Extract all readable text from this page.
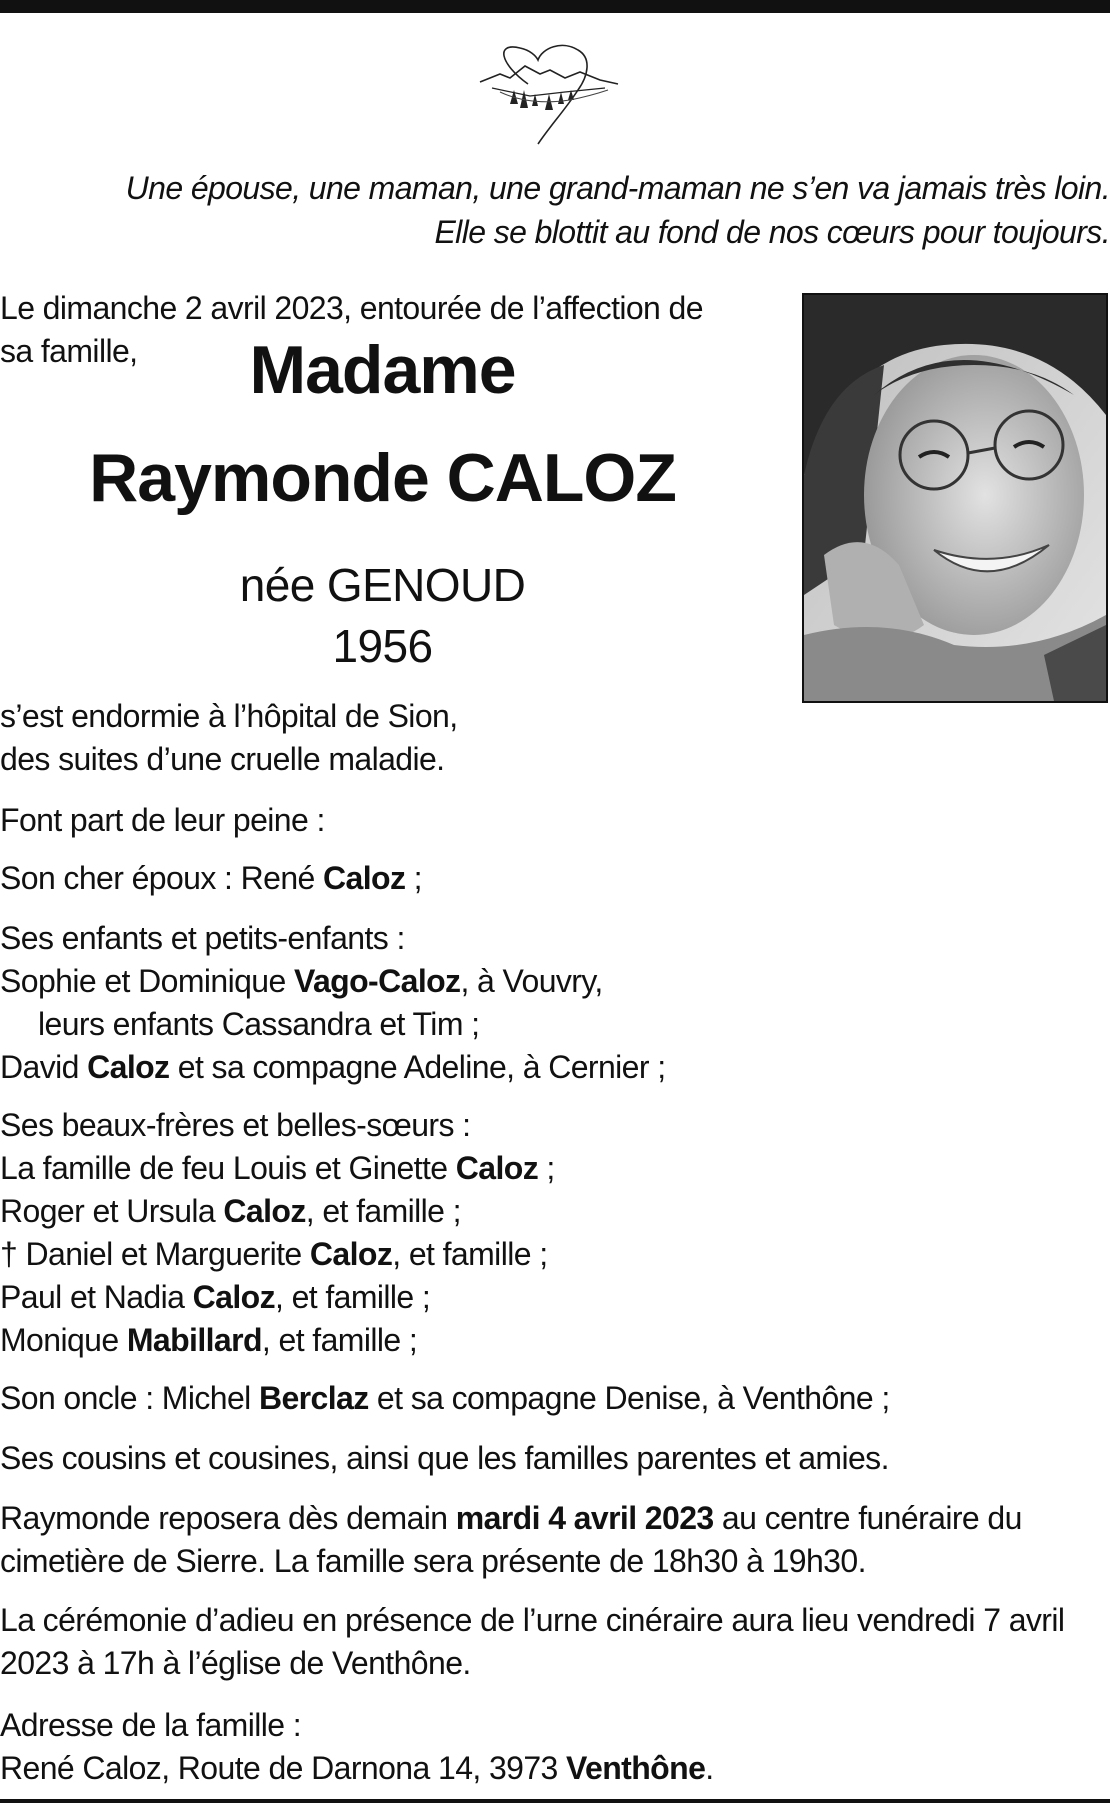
Une épouse, une maman, une grand-maman ne s’en va jamais très loin.
Elle se blottit au fond de nos cœurs pour toujours.
Le dimanche 2 avril 2023, entourée de l’affection de
sa famille,	Madame
Raymonde CALOZ
née GENOUD
1956
s’est endormie à l’hôpital de Sion,
des suites d’une cruelle maladie.
Font part de leur peine :
Son cher époux : René Caloz ;
Ses enfants et petits-enfants :
Sophie et Dominique Vago-Caloz, à Vouvry,
leurs enfants Cassandra et Tim ;
David Caloz et sa compagne Adeline, à Cernier ;
Ses beaux-frères et belles-sœurs :
La famille de feu Louis et Ginette Caloz ;
Roger et Ursula Caloz, et famille ;
† Daniel et Marguerite Caloz, et famille ;
Paul et Nadia Caloz, et famille ;
Monique Mabillard, et famille ;
Son oncle : Michel Berclaz et sa compagne Denise, à Venthône ;
Ses cousins et cousines, ainsi que les familles parentes et amies.
Raymonde reposera dès demain mardi 4 avril 2023 au centre funéraire du
cimetière de Sierre. La famille sera présente de 18h30 à 19h30.
La cérémonie d’adieu en présence de l’urne cinéraire aura lieu vendredi 7 avril
2023 à 17h à l’église de Venthône.
Adresse de la famille :
René Caloz, Route de Darnona 14, 3973 Venthône.
